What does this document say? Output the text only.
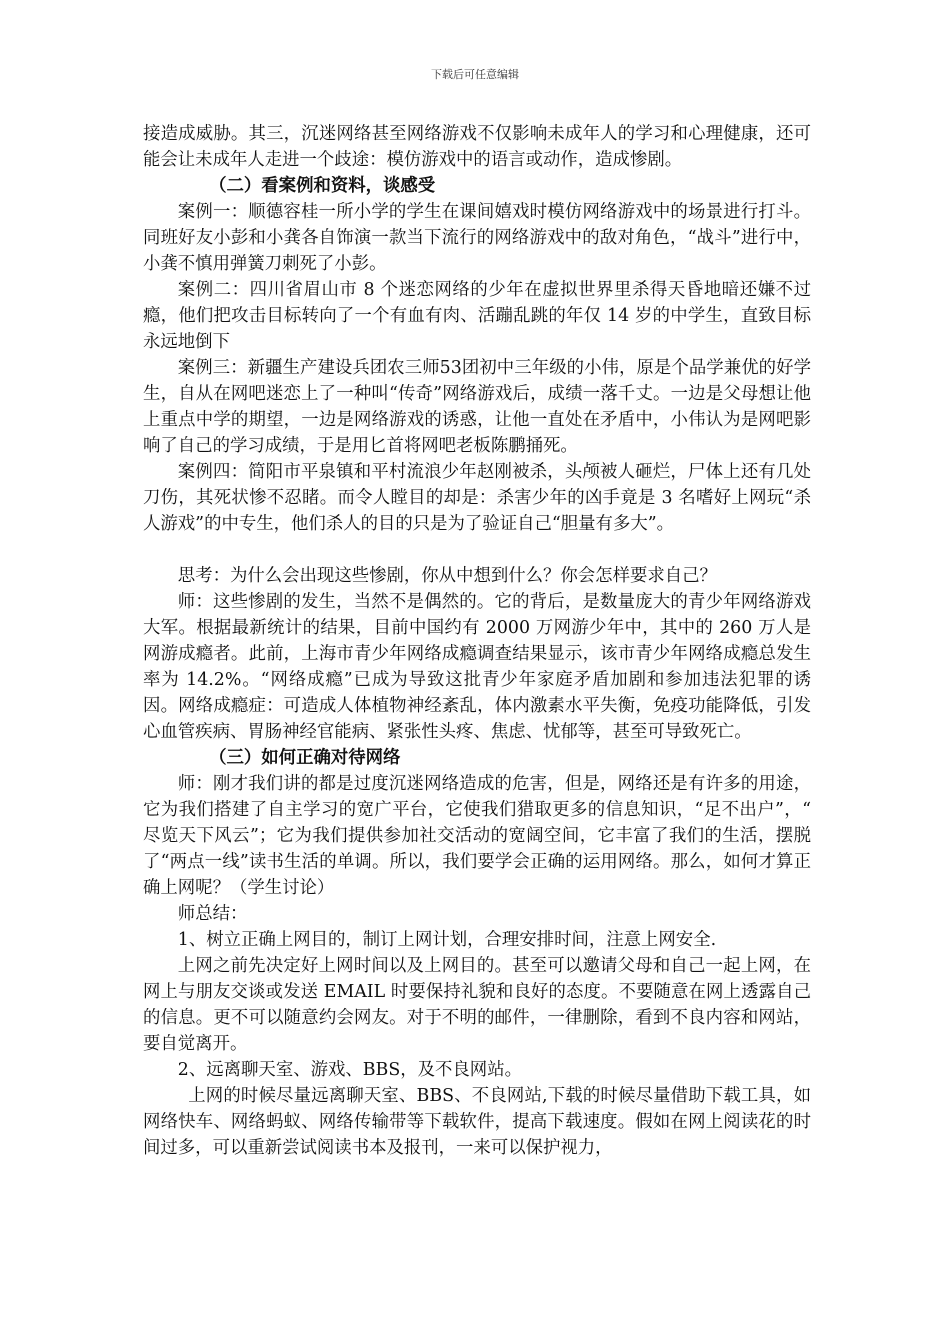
下载后可任意编辑

接造成威胁。其三，沉迷网络甚至网络游戏不仅影响未成年人的学习和心理健康，还可能会让未成年人走进一个歧途：模仿游戏中的语言或动作，造成惨剧。

（二）看案例和资料，谈感受

案例一：顺德容桂一所小学的学生在课间嬉戏时模仿网络游戏中的场景进行打斗。同班好友小彭和小龚各自饰演一款当下流行的网络游戏中的敌对角色，“战斗”进行中，小龚不慎用弹簧刀刺死了小彭。

案例二：四川省眉山市 8 个迷恋网络的少年在虚拟世界里杀得天昏地暗还嫌不过瘾，他们把攻击目标转向了一个有血有肉、活蹦乱跳的年仅 14 岁的中学生，直致目标永远地倒下

案例三：新疆生产建设兵团农三师53团初中三年级的小伟，原是个品学兼优的好学生，自从在网吧迷恋上了一种叫“传奇”网络游戏后，成绩一落千丈。一边是父母想让他上重点中学的期望，一边是网络游戏的诱惑，让他一直处在矛盾中，小伟认为是网吧影响了自己的学习成绩，于是用匕首将网吧老板陈鹏捅死。

案例四：简阳市平泉镇和平村流浪少年赵刚被杀，头颅被人砸烂，尸体上还有几处刀伤，其死状惨不忍睹。而令人瞠目的却是：杀害少年的凶手竟是 3 名嗜好上网玩“杀人游戏”的中专生，他们杀人的目的只是为了验证自己“胆量有多大”。

思考：为什么会出现这些惨剧，你从中想到什么？你会怎样要求自己？

师：这些惨剧的发生，当然不是偶然的。它的背后，是数量庞大的青少年网络游戏大军。根据最新统计的结果，目前中国约有 2000 万网游少年中，其中的 260 万人是网游成瘾者。此前，上海市青少年网络成瘾调查结果显示，该市青少年网络成瘾总发生率为 14.2%。“网络成瘾”已成为导致这批青少年家庭矛盾加剧和参加违法犯罪的诱因。网络成瘾症：可造成人体植物神经紊乱，体内激素水平失衡，免疫功能降低，引发心血管疾病、胃肠神经官能病、紧张性头疼、焦虑、忧郁等，甚至可导致死亡。

（三）如何正确对待网络

师：刚才我们讲的都是过度沉迷网络造成的危害，但是，网络还是有许多的用途，它为我们搭建了自主学习的宽广平台，它使我们猎取更多的信息知识，“足不出户”，“ 尽览天下风云”；它为我们提供参加社交活动的宽阔空间，它丰富了我们的生活，摆脱了“两点一线”读书生活的单调。所以，我们要学会正确的运用网络。那么，如何才算正确上网呢？（学生讨论）

师总结：

1、树立正确上网目的，制订上网计划，合理安排时间，注意上网安全.

上网之前先决定好上网时间以及上网目的。甚至可以邀请父母和自己一起上网，在网上与朋友交谈或发送 EMAIL 时要保持礼貌和良好的态度。不要随意在网上透露自己的信息。更不可以随意约会网友。对于不明的邮件，一律删除，看到不良内容和网站，要自觉离开。

2、远离聊天室、游戏、BBS，及不良网站。

上网的时候尽量远离聊天室、BBS、不良网站,下载的时候尽量借助下载工具，如网络快车、网络蚂蚁、网络传输带等下载软件，提高下载速度。假如在网上阅读花的时间过多，可以重新尝试阅读书本及报刊，一来可以保护视力，
